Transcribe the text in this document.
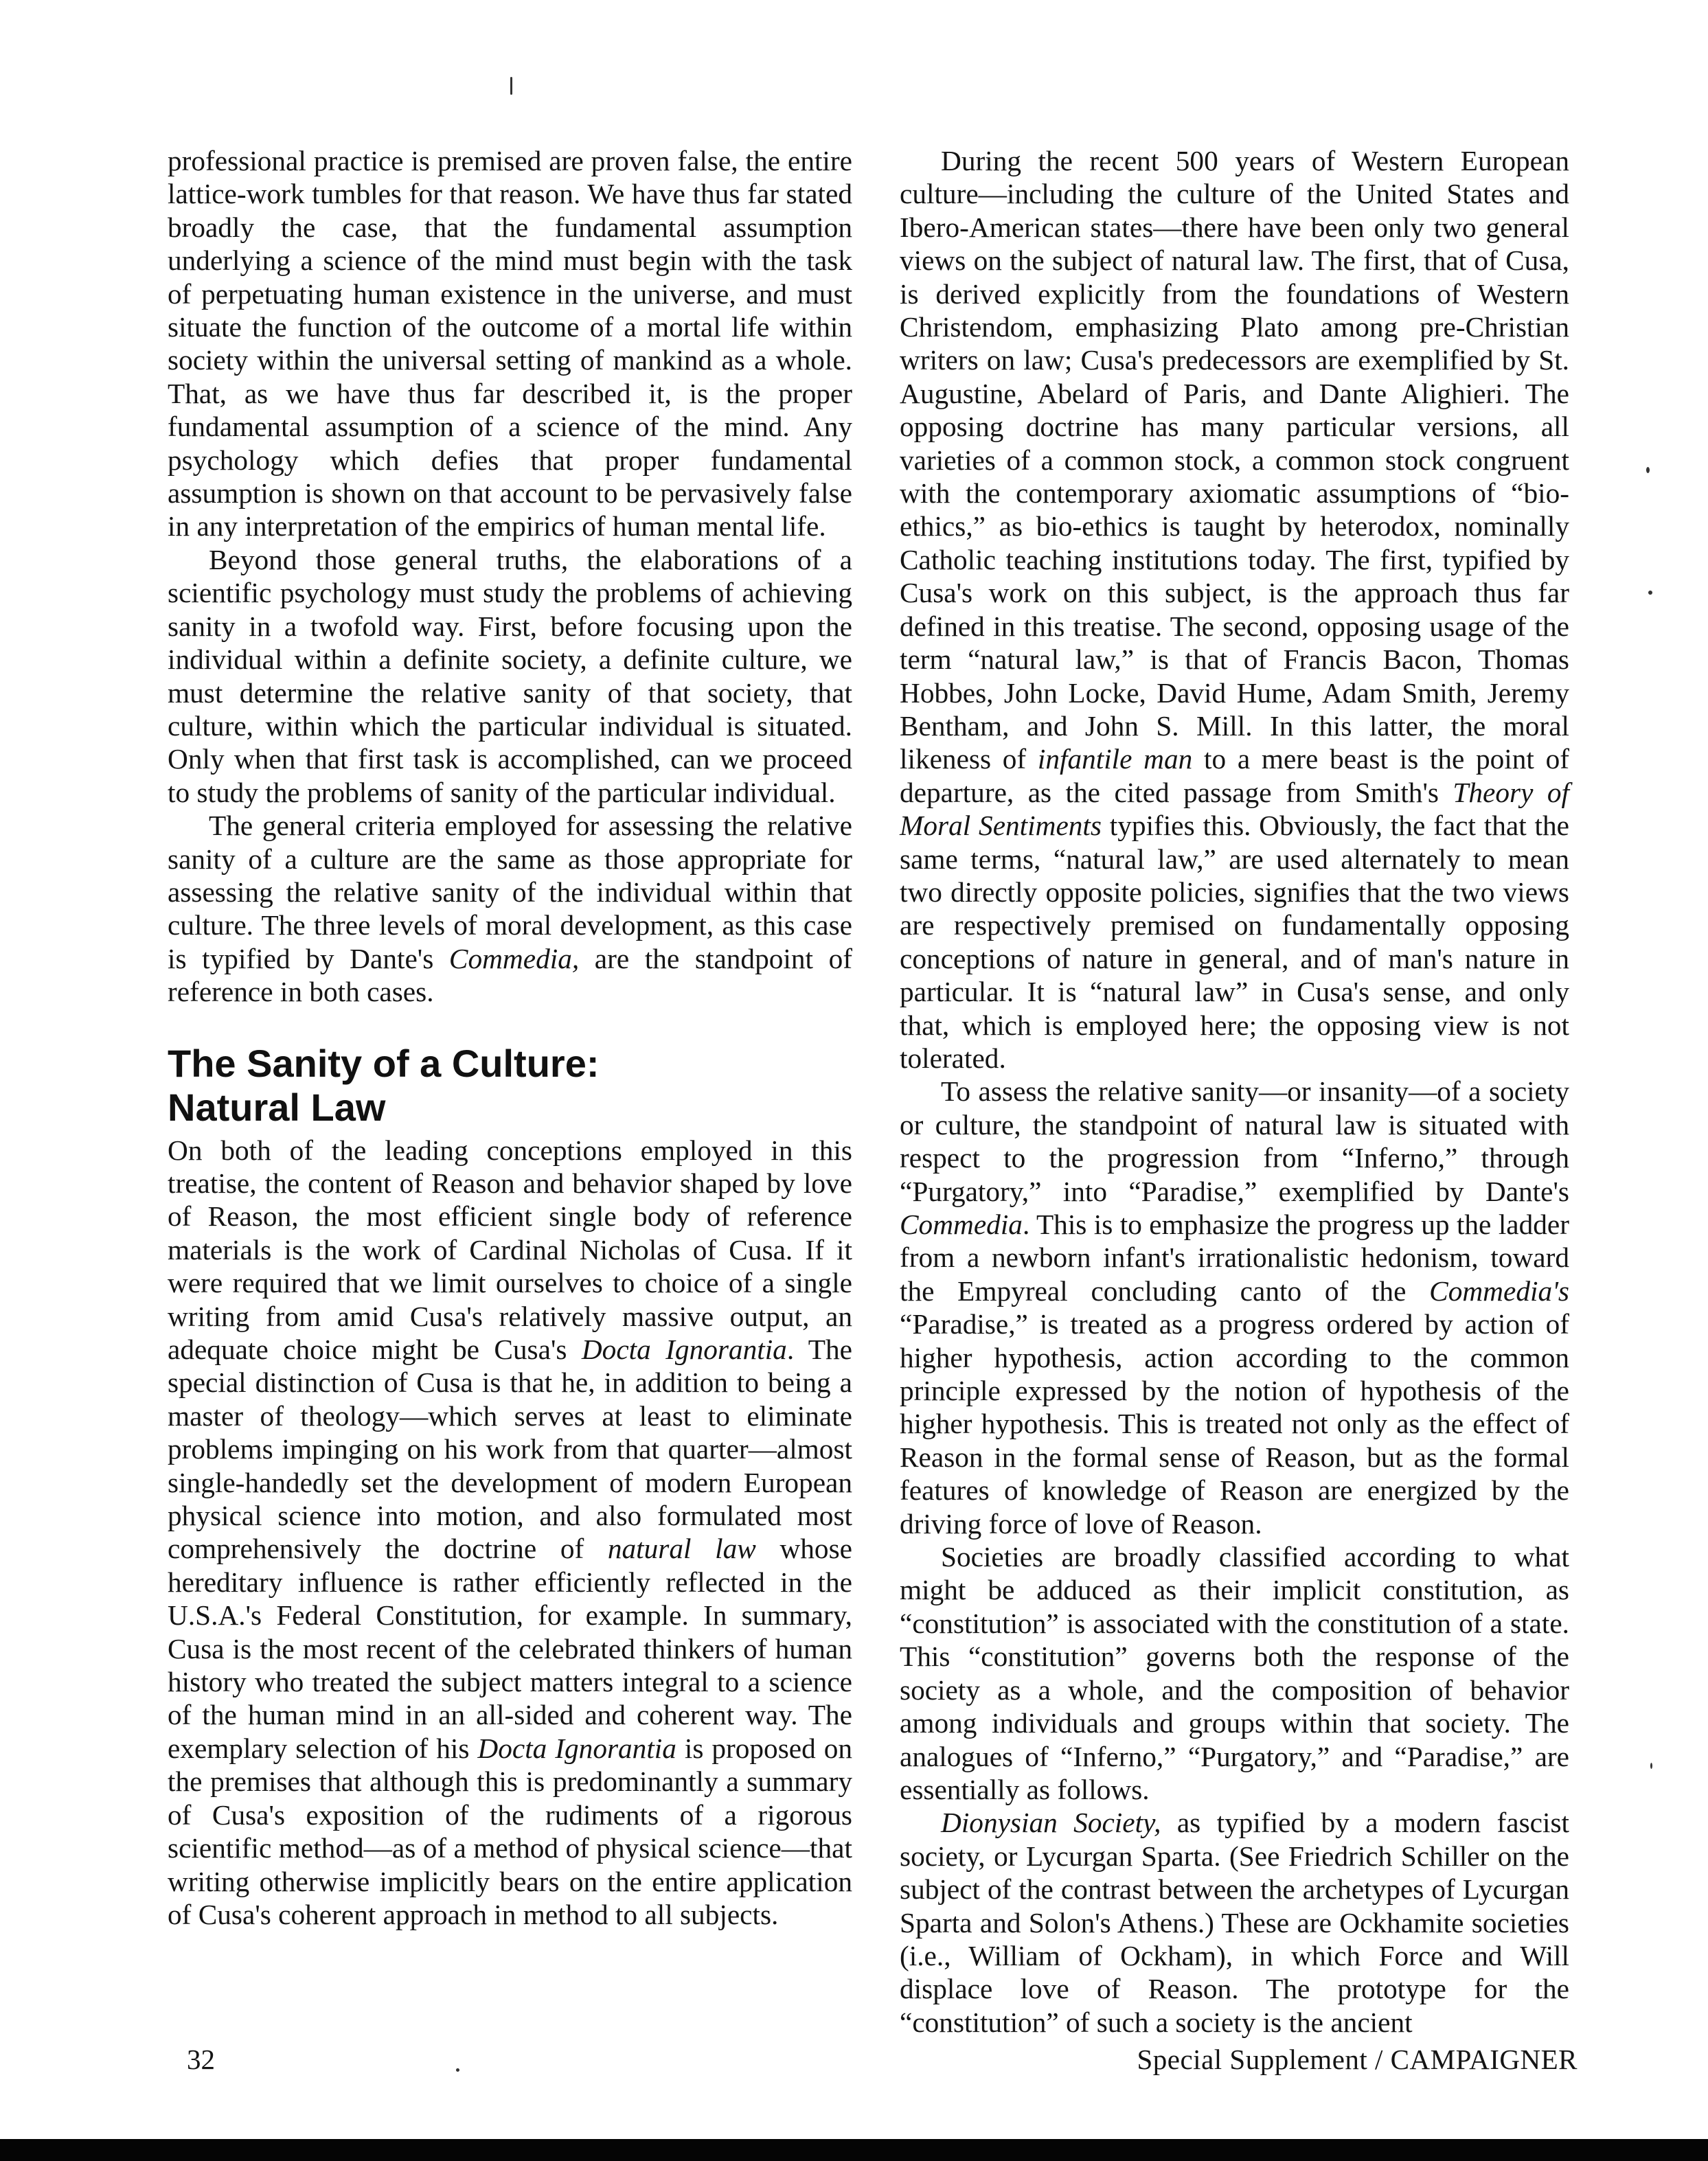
professional practice is premised are proven false, the entire lattice-work tumbles for that reason. We have thus far stated broadly the case, that the fundamental assumption underlying a science of the mind must begin with the task of perpetuating human existence in the universe, and must situate the function of the outcome of a mortal life within society within the universal setting of mankind as a whole. That, as we have thus far described it, is the proper fundamental assumption of a science of the mind. Any psychology which defies that proper fundamental assumption is shown on that account to be pervasively false in any interpretation of the empirics of human mental life.

Beyond those general truths, the elaborations of a scientific psychology must study the problems of achieving sanity in a twofold way. First, before focusing upon the individual within a definite society, a definite culture, we must determine the relative sanity of that society, that culture, within which the particular individual is situated. Only when that first task is accomplished, can we proceed to study the problems of sanity of the particular individual.

The general criteria employed for assessing the relative sanity of a culture are the same as those appropriate for assessing the relative sanity of the individual within that culture. The three levels of moral development, as this case is typified by Dante's Commedia, are the standpoint of reference in both cases.

The Sanity of a Culture:
Natural Law

On both of the leading conceptions employed in this treatise, the content of Reason and behavior shaped by love of Reason, the most efficient single body of reference materials is the work of Cardinal Nicholas of Cusa. If it were required that we limit ourselves to choice of a single writing from amid Cusa's relatively massive output, an adequate choice might be Cusa's Docta Ignorantia. The special distinction of Cusa is that he, in addition to being a master of theology—which serves at least to eliminate problems impinging on his work from that quarter—almost single-handedly set the development of modern European physical science into motion, and also formulated most comprehensively the doctrine of natural law whose hereditary influence is rather efficiently reflected in the U.S.A.'s Federal Constitution, for example. In summary, Cusa is the most recent of the celebrated thinkers of human history who treated the subject matters integral to a science of the human mind in an all-sided and coherent way. The exemplary selection of his Docta Ignorantia is proposed on the premises that although this is predominantly a summary of Cusa's exposition of the rudiments of a rigorous scientific method—as of a method of physical science—that writing otherwise implicitly bears on the entire application of Cusa's coherent approach in method to all subjects.

During the recent 500 years of Western European culture—including the culture of the United States and Ibero-American states—there have been only two general views on the subject of natural law. The first, that of Cusa, is derived explicitly from the foundations of Western Christendom, emphasizing Plato among pre-Christian writers on law; Cusa's predecessors are exemplified by St. Augustine, Abelard of Paris, and Dante Alighieri. The opposing doctrine has many particular versions, all varieties of a common stock, a common stock congruent with the contemporary axiomatic assumptions of “bio-ethics,” as bio-ethics is taught by heterodox, nominally Catholic teaching institutions today. The first, typified by Cusa's work on this subject, is the approach thus far defined in this treatise. The second, opposing usage of the term “natural law,” is that of Francis Bacon, Thomas Hobbes, John Locke, David Hume, Adam Smith, Jeremy Bentham, and John S. Mill. In this latter, the moral likeness of infantile man to a mere beast is the point of departure, as the cited passage from Smith's Theory of Moral Sentiments typifies this. Obviously, the fact that the same terms, “natural law,” are used alternately to mean two directly opposite policies, signifies that the two views are respectively premised on fundamentally opposing conceptions of nature in general, and of man's nature in particular. It is “natural law” in Cusa's sense, and only that, which is employed here; the opposing view is not tolerated.

To assess the relative sanity—or insanity—of a society or culture, the standpoint of natural law is situated with respect to the progression from “Inferno,” through “Purgatory,” into “Paradise,” exemplified by Dante's Commedia. This is to emphasize the progress up the ladder from a newborn infant's irrationalistic hedonism, toward the Empyreal concluding canto of the Commedia's “Paradise,” is treated as a progress ordered by action of higher hypothesis, action according to the common principle expressed by the notion of hypothesis of the higher hypothesis. This is treated not only as the effect of Reason in the formal sense of Reason, but as the formal features of knowledge of Reason are energized by the driving force of love of Reason.

Societies are broadly classified according to what might be adduced as their implicit constitution, as “constitution” is associated with the constitution of a state. This “constitution” governs both the response of the society as a whole, and the composition of behavior among individuals and groups within that society. The analogues of “Inferno,” “Purgatory,” and “Paradise,” are essentially as follows.

Dionysian Society, as typified by a modern fascist society, or Lycurgan Sparta. (See Friedrich Schiller on the subject of the contrast between the archetypes of Lycurgan Sparta and Solon's Athens.) These are Ockhamite societies (i.e., William of Ockham), in which Force and Will displace love of Reason. The prototype for the “constitution” of such a society is the ancient

32	Special Supplement / CAMPAIGNER
